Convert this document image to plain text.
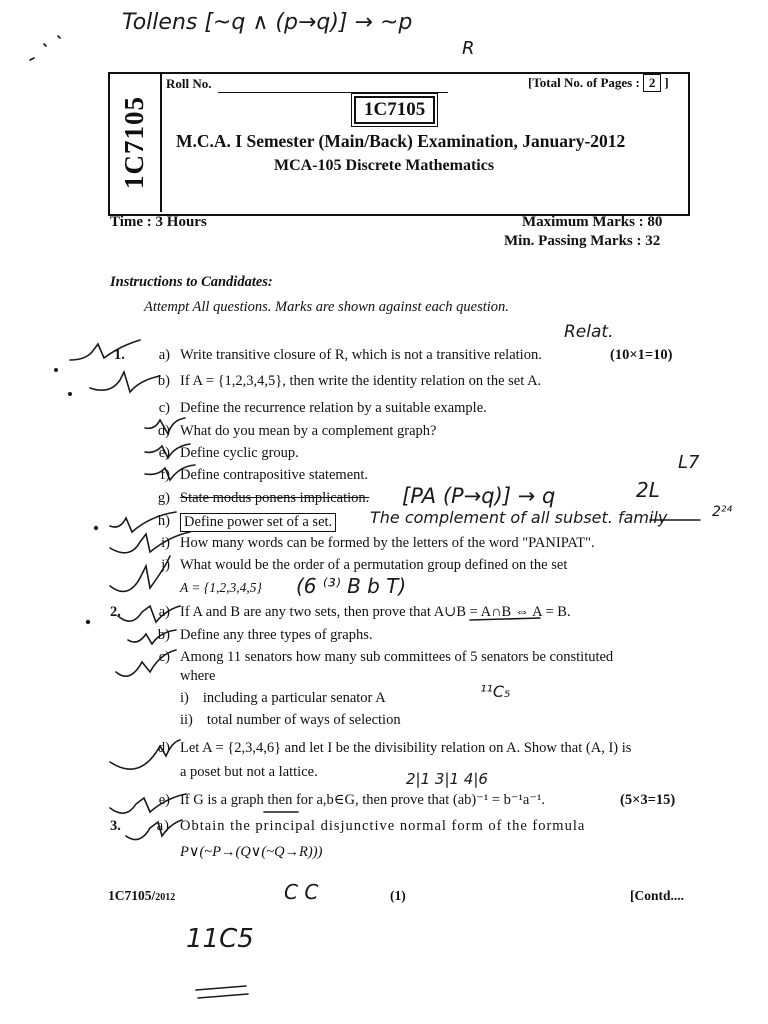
Tollens [~q ∧ (p→q)] → ~p
R
1C7105
Roll No.	[Total No. of Pages : 2 ]
1C7105
M.C.A. I Semester (Main/Back) Examination, January-2012
MCA-105 Discrete Mathematics
Time : 3 Hours	Maximum Marks : 80
Min. Passing Marks : 32
Instructions to Candidates:
Attempt All questions. Marks are shown against each question.
Relat.
1.	(10×1=10)
a) Write transitive closure of R, which is not a transitive relation.
b) If A = {1,2,3,4,5}, then write the identity relation on the set A.
c) Define the recurrence relation by a suitable example.
d) What do you mean by a complement graph?
e) Define cyclic group.
f) Define contrapositive statement.
g) State modus ponens implication. [PA (P→q)] → q
L7
2L
h) Define power set of a set. The complement of all subset. family	2²⁴
i) How many words can be formed by the letters of the word "PANIPAT".
j) What would be the order of a permutation group defined on the set
A = {1,2,3,4,5} (6 ⁽³⁾ B b T)
2.	a) If A and B are any two sets, then prove that A∪B = A∩B ⇔ A = B.
b) Define any three types of graphs.
c) Among 11 senators how many sub committees of 5 senators be constituted
where
i) including a particular senator A
ii) total number of ways of selection
¹¹C₅
d) Let A = {2,3,4,6} and let I be the divisibility relation on A. Show that (A, I) is
a poset but not a lattice.	2|1 3|1 4|6
e) If G is a graph then for a,b∈G, then prove that (ab)⁻¹ = b⁻¹a⁻¹.	(5×3=15)
3.	a) Obtain the principal disjunctive normal form of the formula
P∨(~P→(Q∨(~Q→R)))
1C7105/2012	C C	(1)	[Contd....
11C5
